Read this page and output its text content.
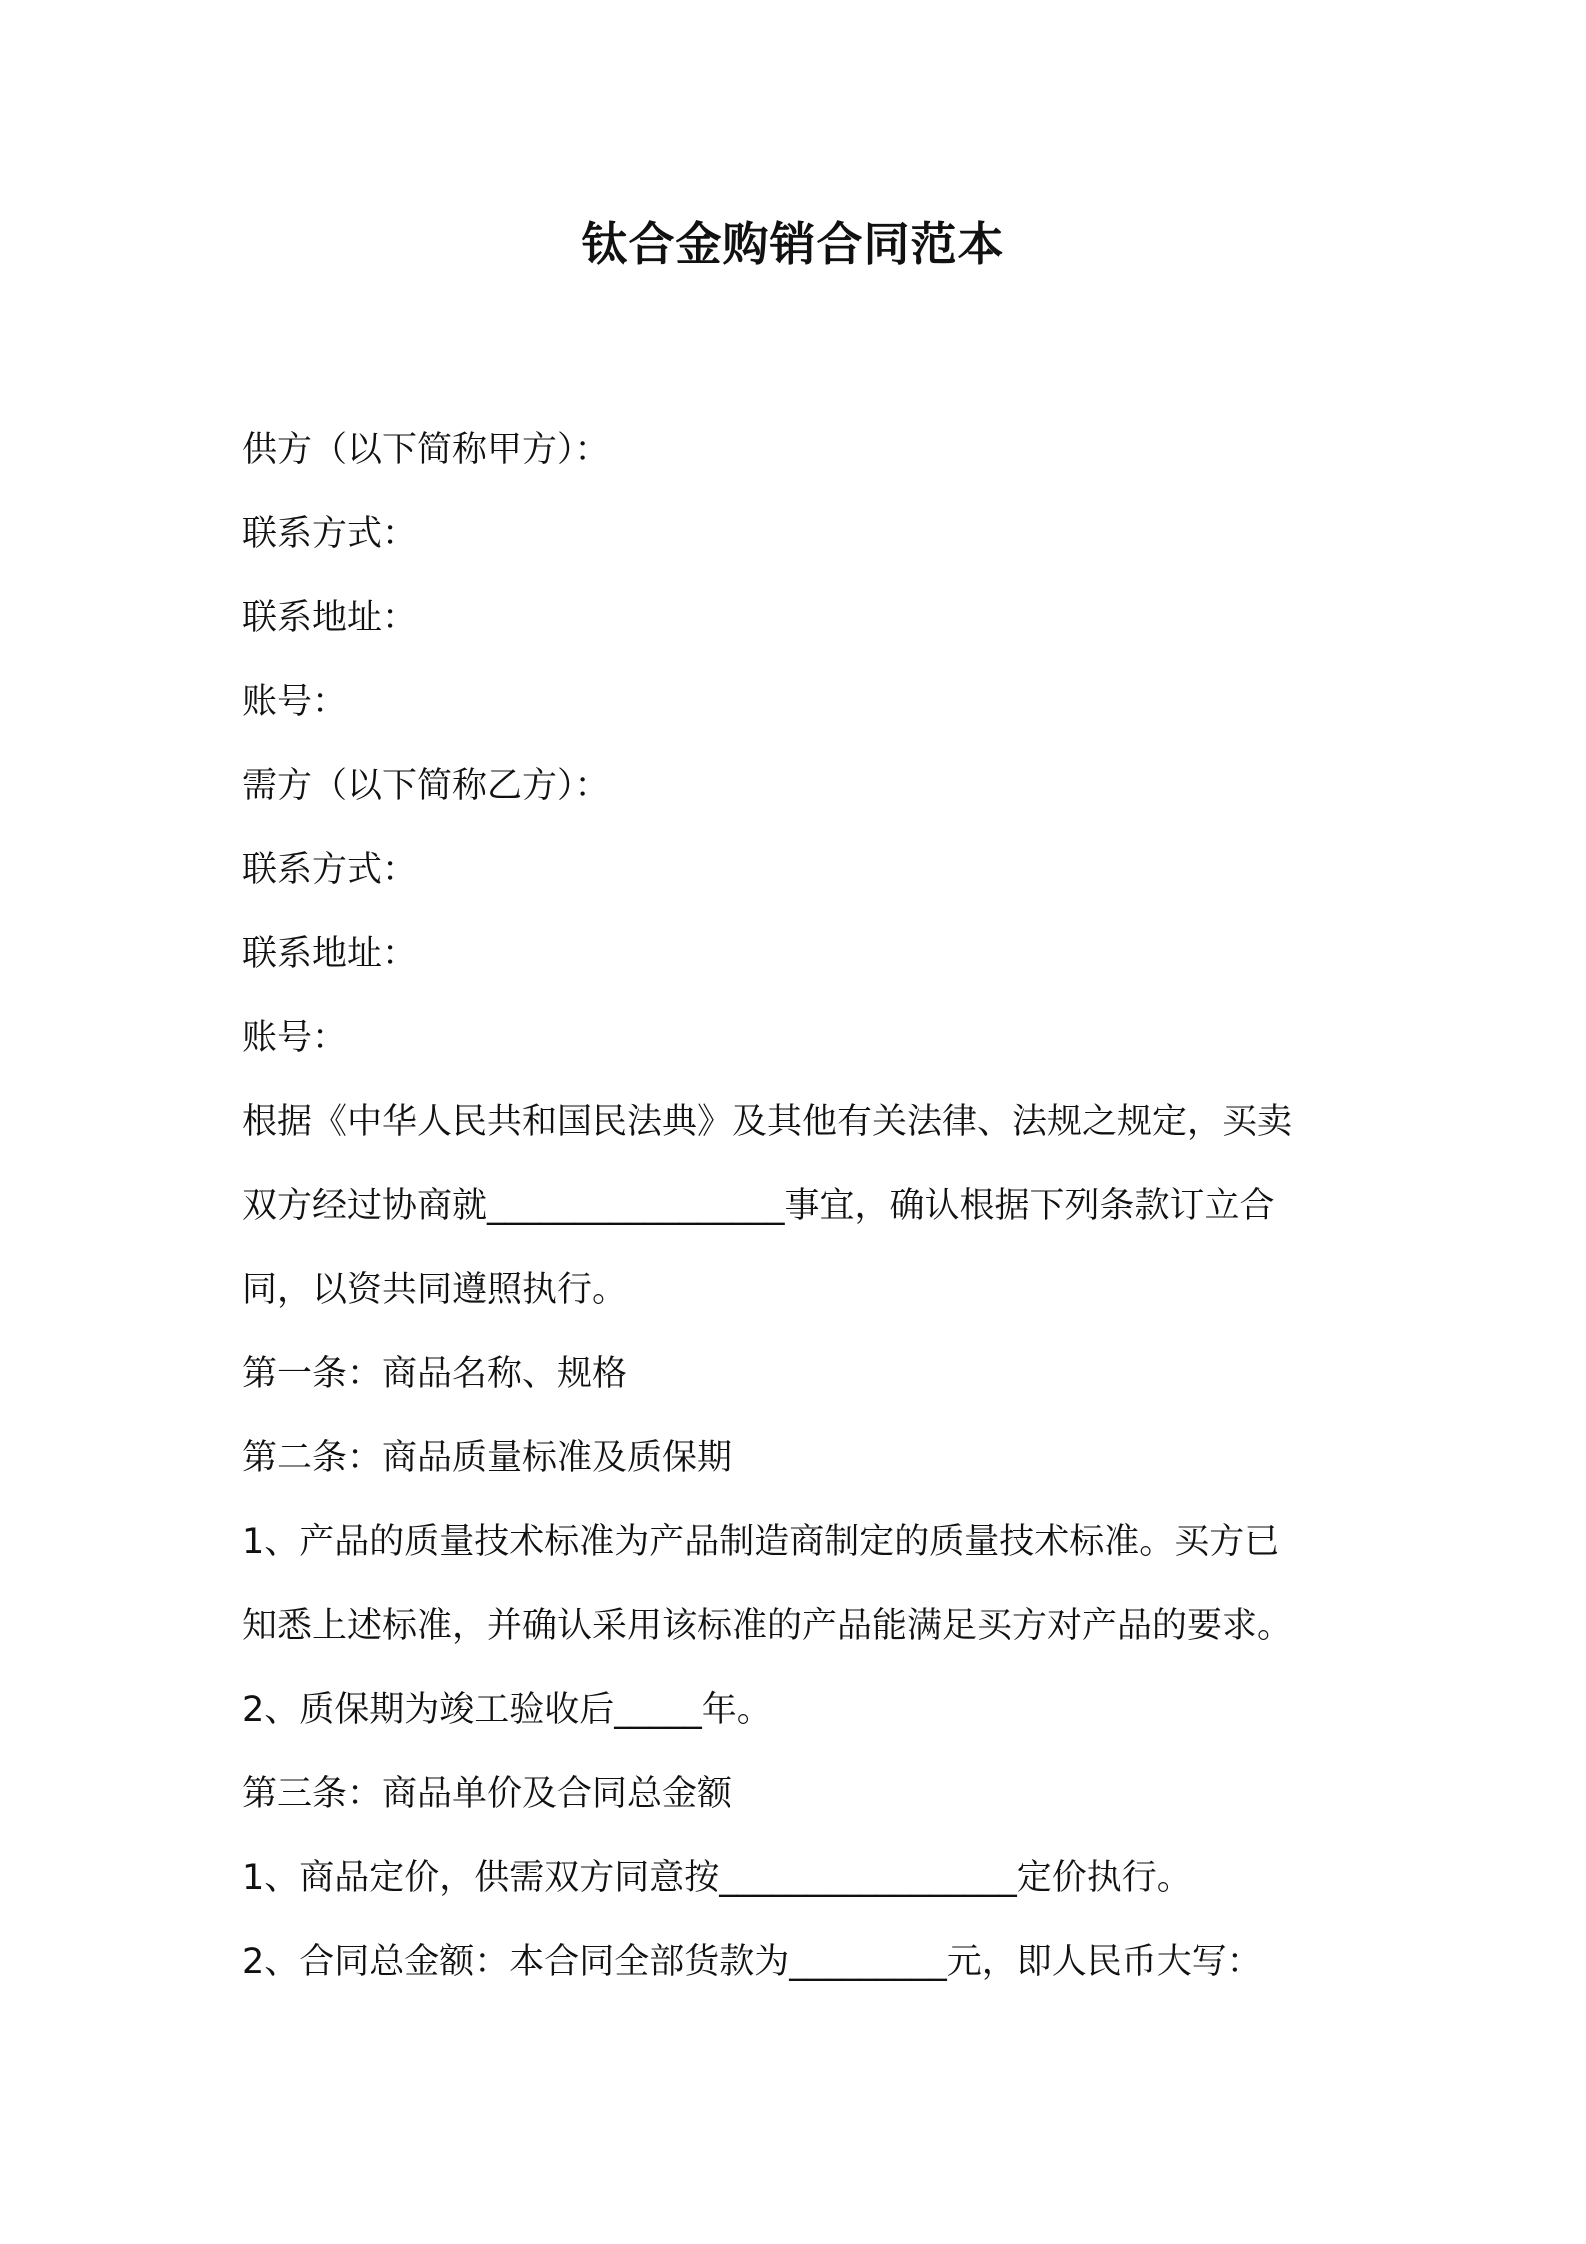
钛合金购销合同范本
供方（以下简称甲方）：
联系方式：
联系地址：
账号：
需方（以下简称乙方）：
联系方式：
联系地址：
账号：
根据《中华人民共和国民法典》及其他有关法律、法规之规定，买卖
双方经过协商就_________________事宜，确认根据下列条款订立合
同，以资共同遵照执行。
第一条：商品名称、规格
第二条：商品质量标准及质保期
1、产品的质量技术标准为产品制造商制定的质量技术标准。买方已
知悉上述标准，并确认采用该标准的产品能满足买方对产品的要求。
2、质保期为竣工验收后_____年。
第三条：商品单价及合同总金额
1、商品定价，供需双方同意按_________________定价执行。
2、合同总金额：本合同全部货款为_________元，即人民币大写：
